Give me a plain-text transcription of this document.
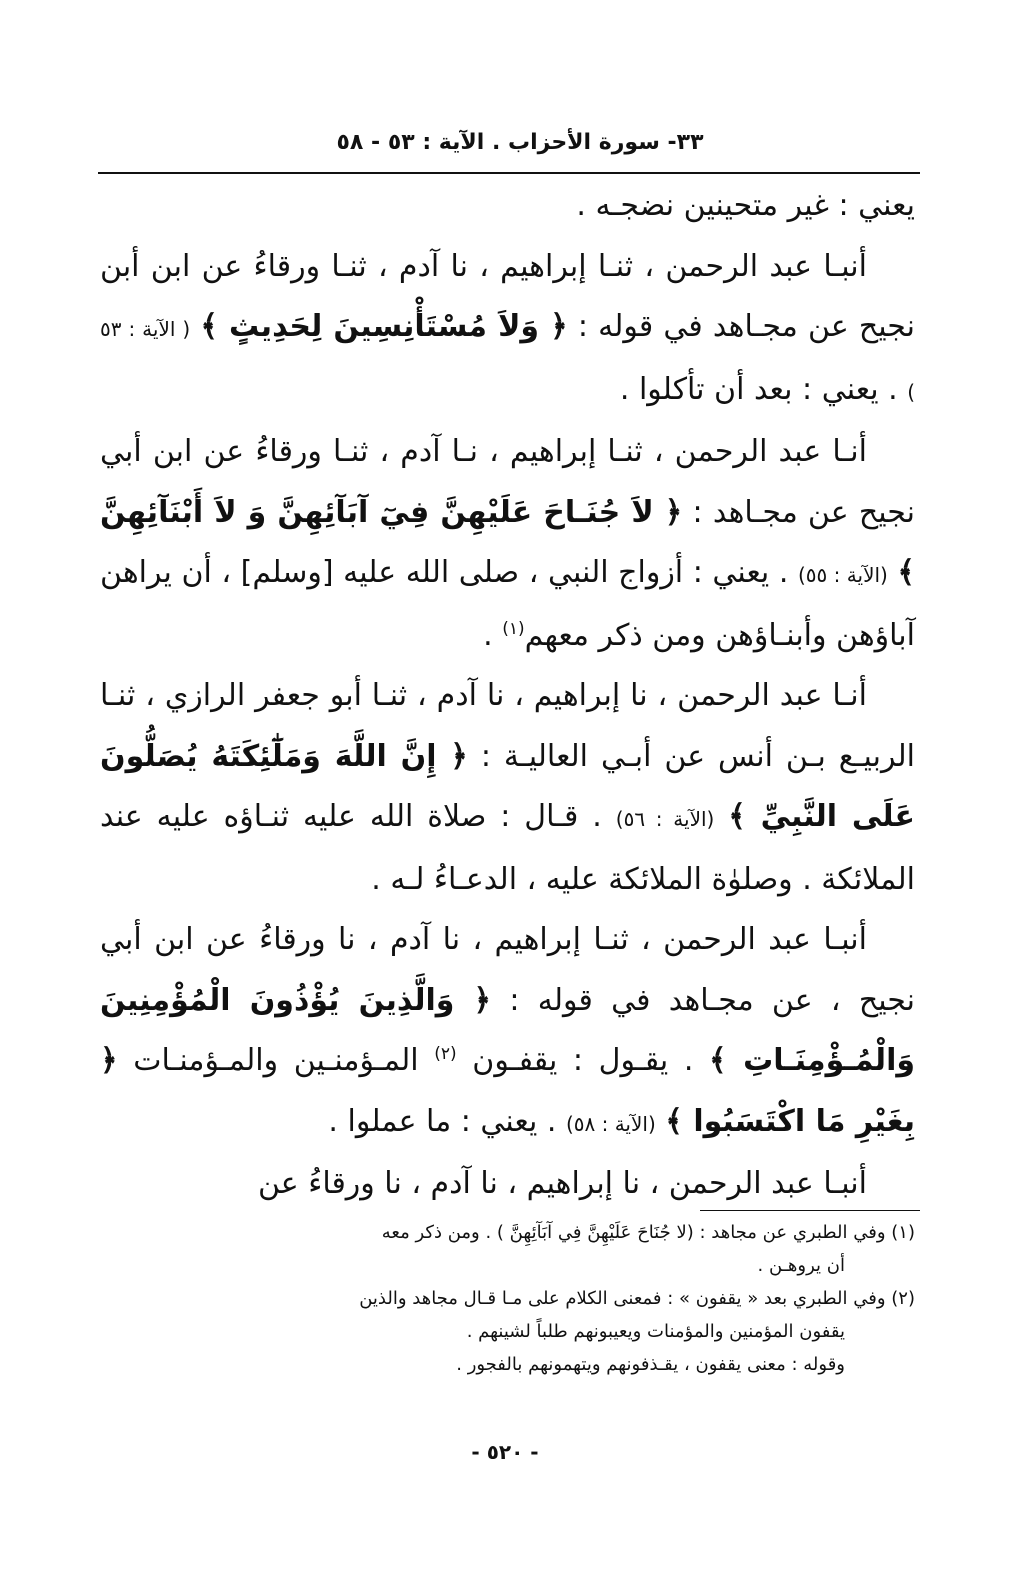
٣٣- سورة الأحزاب . الآية : ٥٣ - ٥٨

يعني : غير متحينين نضجـه .

أنبـا عبد الرحمن ، ثنـا إبراهيم ، نا آدم ، ثنـا ورقاءُ عن ابن أبن نجيح عن مجـاهد في قوله : ﴿ وَلاَ مُسْتَأْنِسِينَ لِحَدِيثٍ ﴾ ( الآية : ٥٣ ) . يعني : بعد أن تأكلوا .

أنـا عبد الرحمن ، ثنـا إبراهيم ، نـا آدم ، ثنـا ورقاءُ عن ابن أبي نجيح عن مجـاهد : ﴿ لاَ جُنَـاحَ عَلَيْهِنَّ فِيٓ آبَآئِهِنَّ وَ لاَ أَبْنَآئِهِنَّ ﴾ (الآية : ٥٥) . يعني : أزواج النبي ، صلى الله عليه [وسلم] ، أن يراهن آباؤهن وأبنـاؤهن ومن ذكر معهم$^{(١)}$ .

أنـا عبد الرحمن ، نا إبراهيم ، نا آدم ، ثنـا أبو جعفر الرازي ، ثنـا الربيـع بـن أنس عن أبـي العاليـة : ﴿ إِنَّ اللَّهَ وَمَلَٰٓئِكَتَهُ يُصَلُّونَ عَلَى النَّبِيِّ ﴾ (الآية : ٥٦) . قـال : صلاة الله عليه ثنـاؤه عليه عند الملائكة . وصلوٰة الملائكة عليه ، الدعـاءُ لـه .

أنبـا عبد الرحمن ، ثنـا إبراهيم ، نا آدم ، نا ورقاءُ عن ابن أبي نجيح ، عن مجـاهد في قوله : ﴿ وَالَّذِينَ يُؤْذُونَ الْمُؤْمِنِينَ وَالْمُـؤْمِنَـاتِ ﴾ . يقـول : يقفـون $^{(٢)}$ المـؤمنـين والمـؤمنـات ﴿ بِغَيْرِ مَا اكْتَسَبُوا ﴾ (الآية : ٥٨) . يعني : ما عملوا .

أنبـا عبد الرحمن ، نا إبراهيم ، نا آدم ، نا ورقاءُ عن

(١) وفي الطبري عن مجاهد : (لا جُنَاحَ عَلَيْهِنَّ فِي آبَآئِهِنَّ ) . ومن ذكر معه

أن يروهـن .

(٢) وفي الطبري بعد « يقفون » : فمعنى الكلام على مـا قـال مجاهد والذين

يقفون المؤمنين والمؤمنات ويعيبونهم طلباً لشينهم .

وقوله : معنى يقفون ، يقـذفونهم ويتهمونهم بالفجور .

- ٥٢٠ -
